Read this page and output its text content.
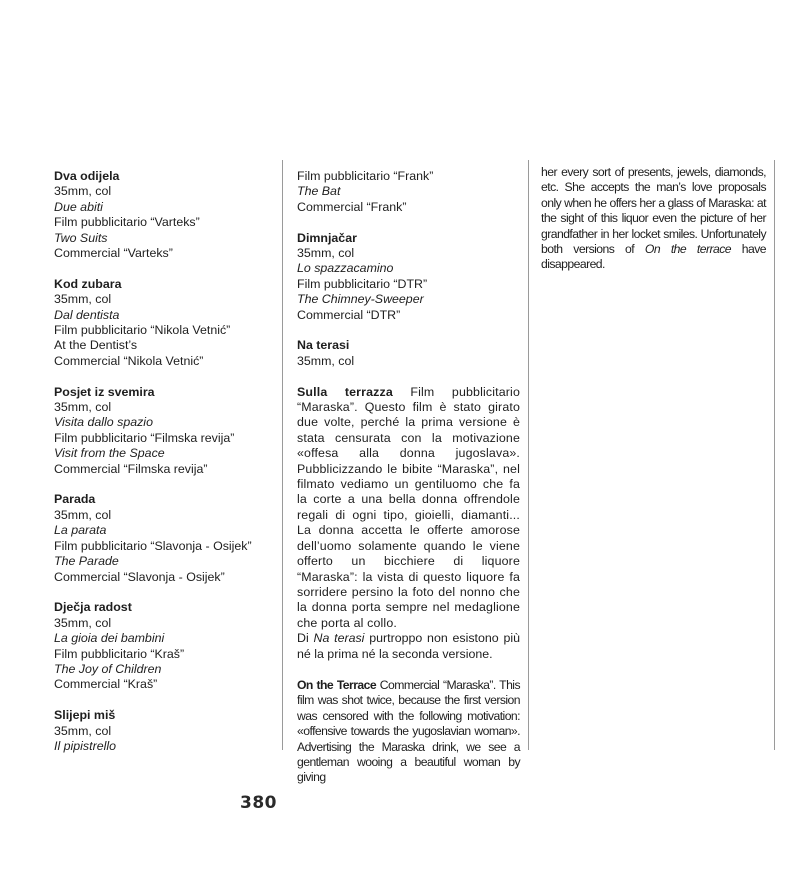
Dva odijela
35mm, col
Due abiti
Film pubblicitario “Varteks”
Two Suits
Commercial “Varteks”
Kod zubara
35mm, col
Dal dentista
Film pubblicitario “Nikola Vetnić”
At the Dentist’s
Commercial “Nikola Vetnić”
Posjet iz svemira
35mm, col
Visita dallo spazio
Film pubblicitario “Filmska revija”
Visit from the Space
Commercial “Filmska revija”
Parada
35mm, col
La parata
Film pubblicitario “Slavonja - Osijek”
The Parade
Commercial “Slavonja - Osijek”
Dječja radost
35mm, col
La gioia dei bambini
Film pubblicitario “Kraš”
The Joy of Children
Commercial “Kraš”
Slijepi miš
35mm, col
Il pipistrello
Film pubblicitario “Frank”
The Bat
Commercial “Frank”
Dimnjačar
35mm, col
Lo spazzacamino
Film pubblicitario “DTR”
The Chimney-Sweeper
Commercial “DTR”
Na terasi
35mm, col

Sulla terrazza Film pubblicitario “Maraska”. Questo film è stato girato due volte, perché la prima versione è stata censurata con la motivazione «offesa alla donna jugoslava». Pubblicizzando le bibite “Maraska”, nel filmato vediamo un gentiluomo che fa la corte a una bella donna offrendole regali di ogni tipo, gioielli, diamanti... La donna accetta le offerte amorose dell’uomo solamente quando le viene offerto un bicchiere di liquore “Maraska”: la vista di questo liquore fa sorridere persino la foto del nonno che la donna porta sempre nel medaglione che porta al collo.

Di Na terasi purtroppo non esistono più né la prima né la seconda versione.

On the Terrace Commercial “Maraska”. This film was shot twice, because the first version was censored with the following motivation: «offensive towards the yugoslavian woman». Advertising the Maraska drink, we see a gentleman wooing a beautiful woman by giving

her every sort of presents, jewels, diamonds, etc. She accepts the man’s love proposals only when he offers her a glass of Maraska: at the sight of this liquor even the picture of her grandfather in her locket smiles. Unfortunately both versions of On the terrace have disappeared.

380
